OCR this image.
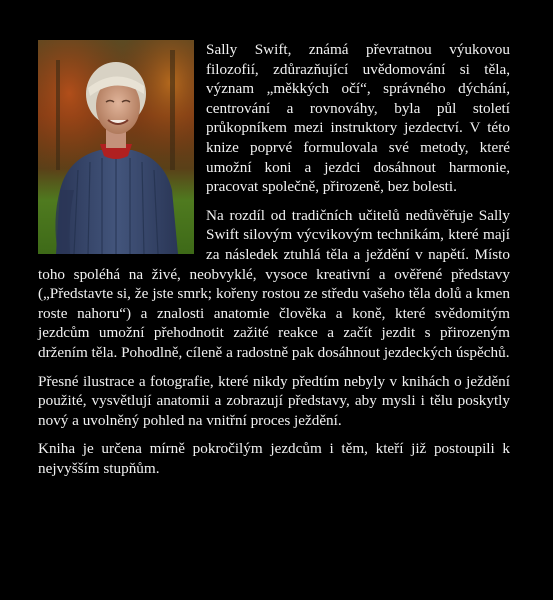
Sally Swift, známá převratnou výukovou filozofií, zdůrazňující uvědomování si těla, význam „měkkých očí“, správného dýchání, centrování a rovnováhy, byla půl století průkopníkem mezi instruktory jezdectví. V této knize poprvé formulovala své metody, které umožní koni a jezdci dosáhnout harmonie, pracovat společně, přirozeně, bez bolesti.

Na rozdíl od tradičních učitelů nedůvěřuje Sally Swift silovým výcvikovým technikám, které mají za následek ztuhlá těla a ježdění v napětí. Místo toho spoléhá na živé, neobvyklé, vysoce kreativní a ověřené představy („Představte si, že jste smrk; kořeny rostou ze středu vašeho těla dolů a kmen roste nahoru“) a znalosti anatomie člověka a koně, které svědomitým jezdcům umožní přehodnotit zažité reakce a začít jezdit s přirozeným držením těla. Pohodlně, cíleně a radostně pak dosáhnout jezdeckých úspěchů.

Přesné ilustrace a fotografie, které nikdy předtím nebyly v knihách o ježdění použité, vysvětlují anatomii a zobrazují představy, aby mysli i tělu poskytly nový a uvolněný pohled na vnitřní proces ježdění.

Kniha je určena mírně pokročilým jezdcům i těm, kteří již postoupili k nejvyšším stupňům.
